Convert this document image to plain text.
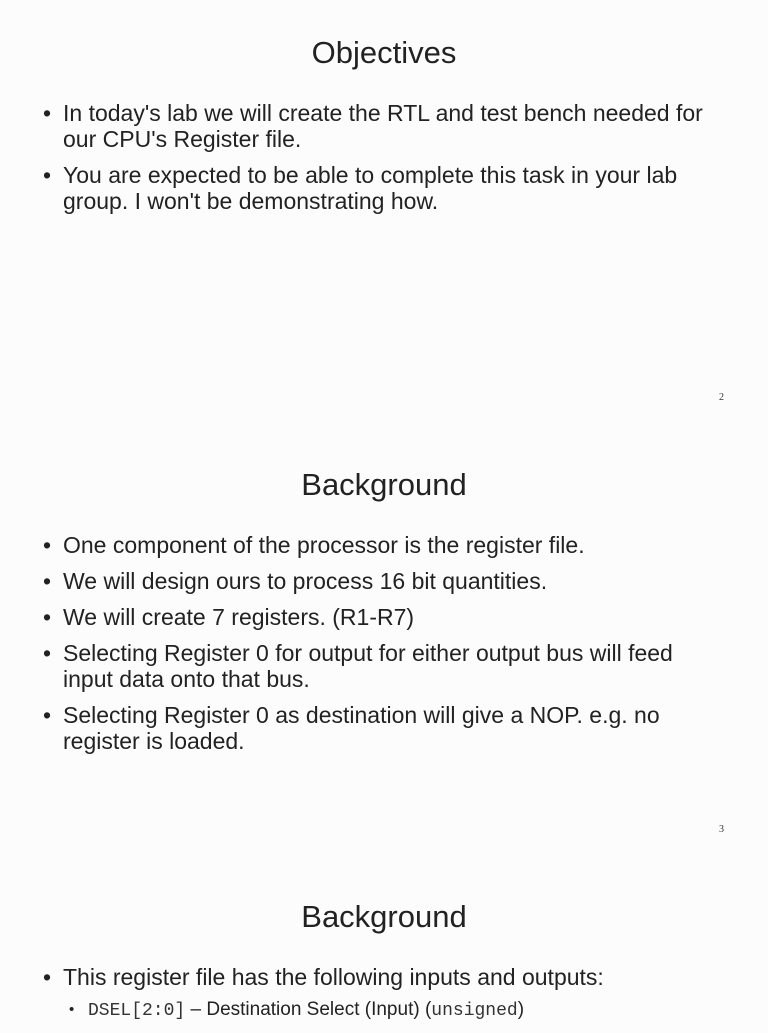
Objectives
• In today's lab we will create the RTL and test bench needed for our CPU's Register file.
• You are expected to be able to complete this task in your lab group. I won't be demonstrating how.
2
Background
• One component of the processor is the register file.
• We will design ours to process 16 bit quantities.
• We will create 7 registers. (R1-R7)
• Selecting Register 0 for output for either output bus will feed input data onto that bus.
• Selecting Register 0 as destination will give a NOP. e.g. no register is loaded.
3
Background
• This register file has the following inputs and outputs:
• DSEL[2:0] – Destination Select (Input) (unsigned)
